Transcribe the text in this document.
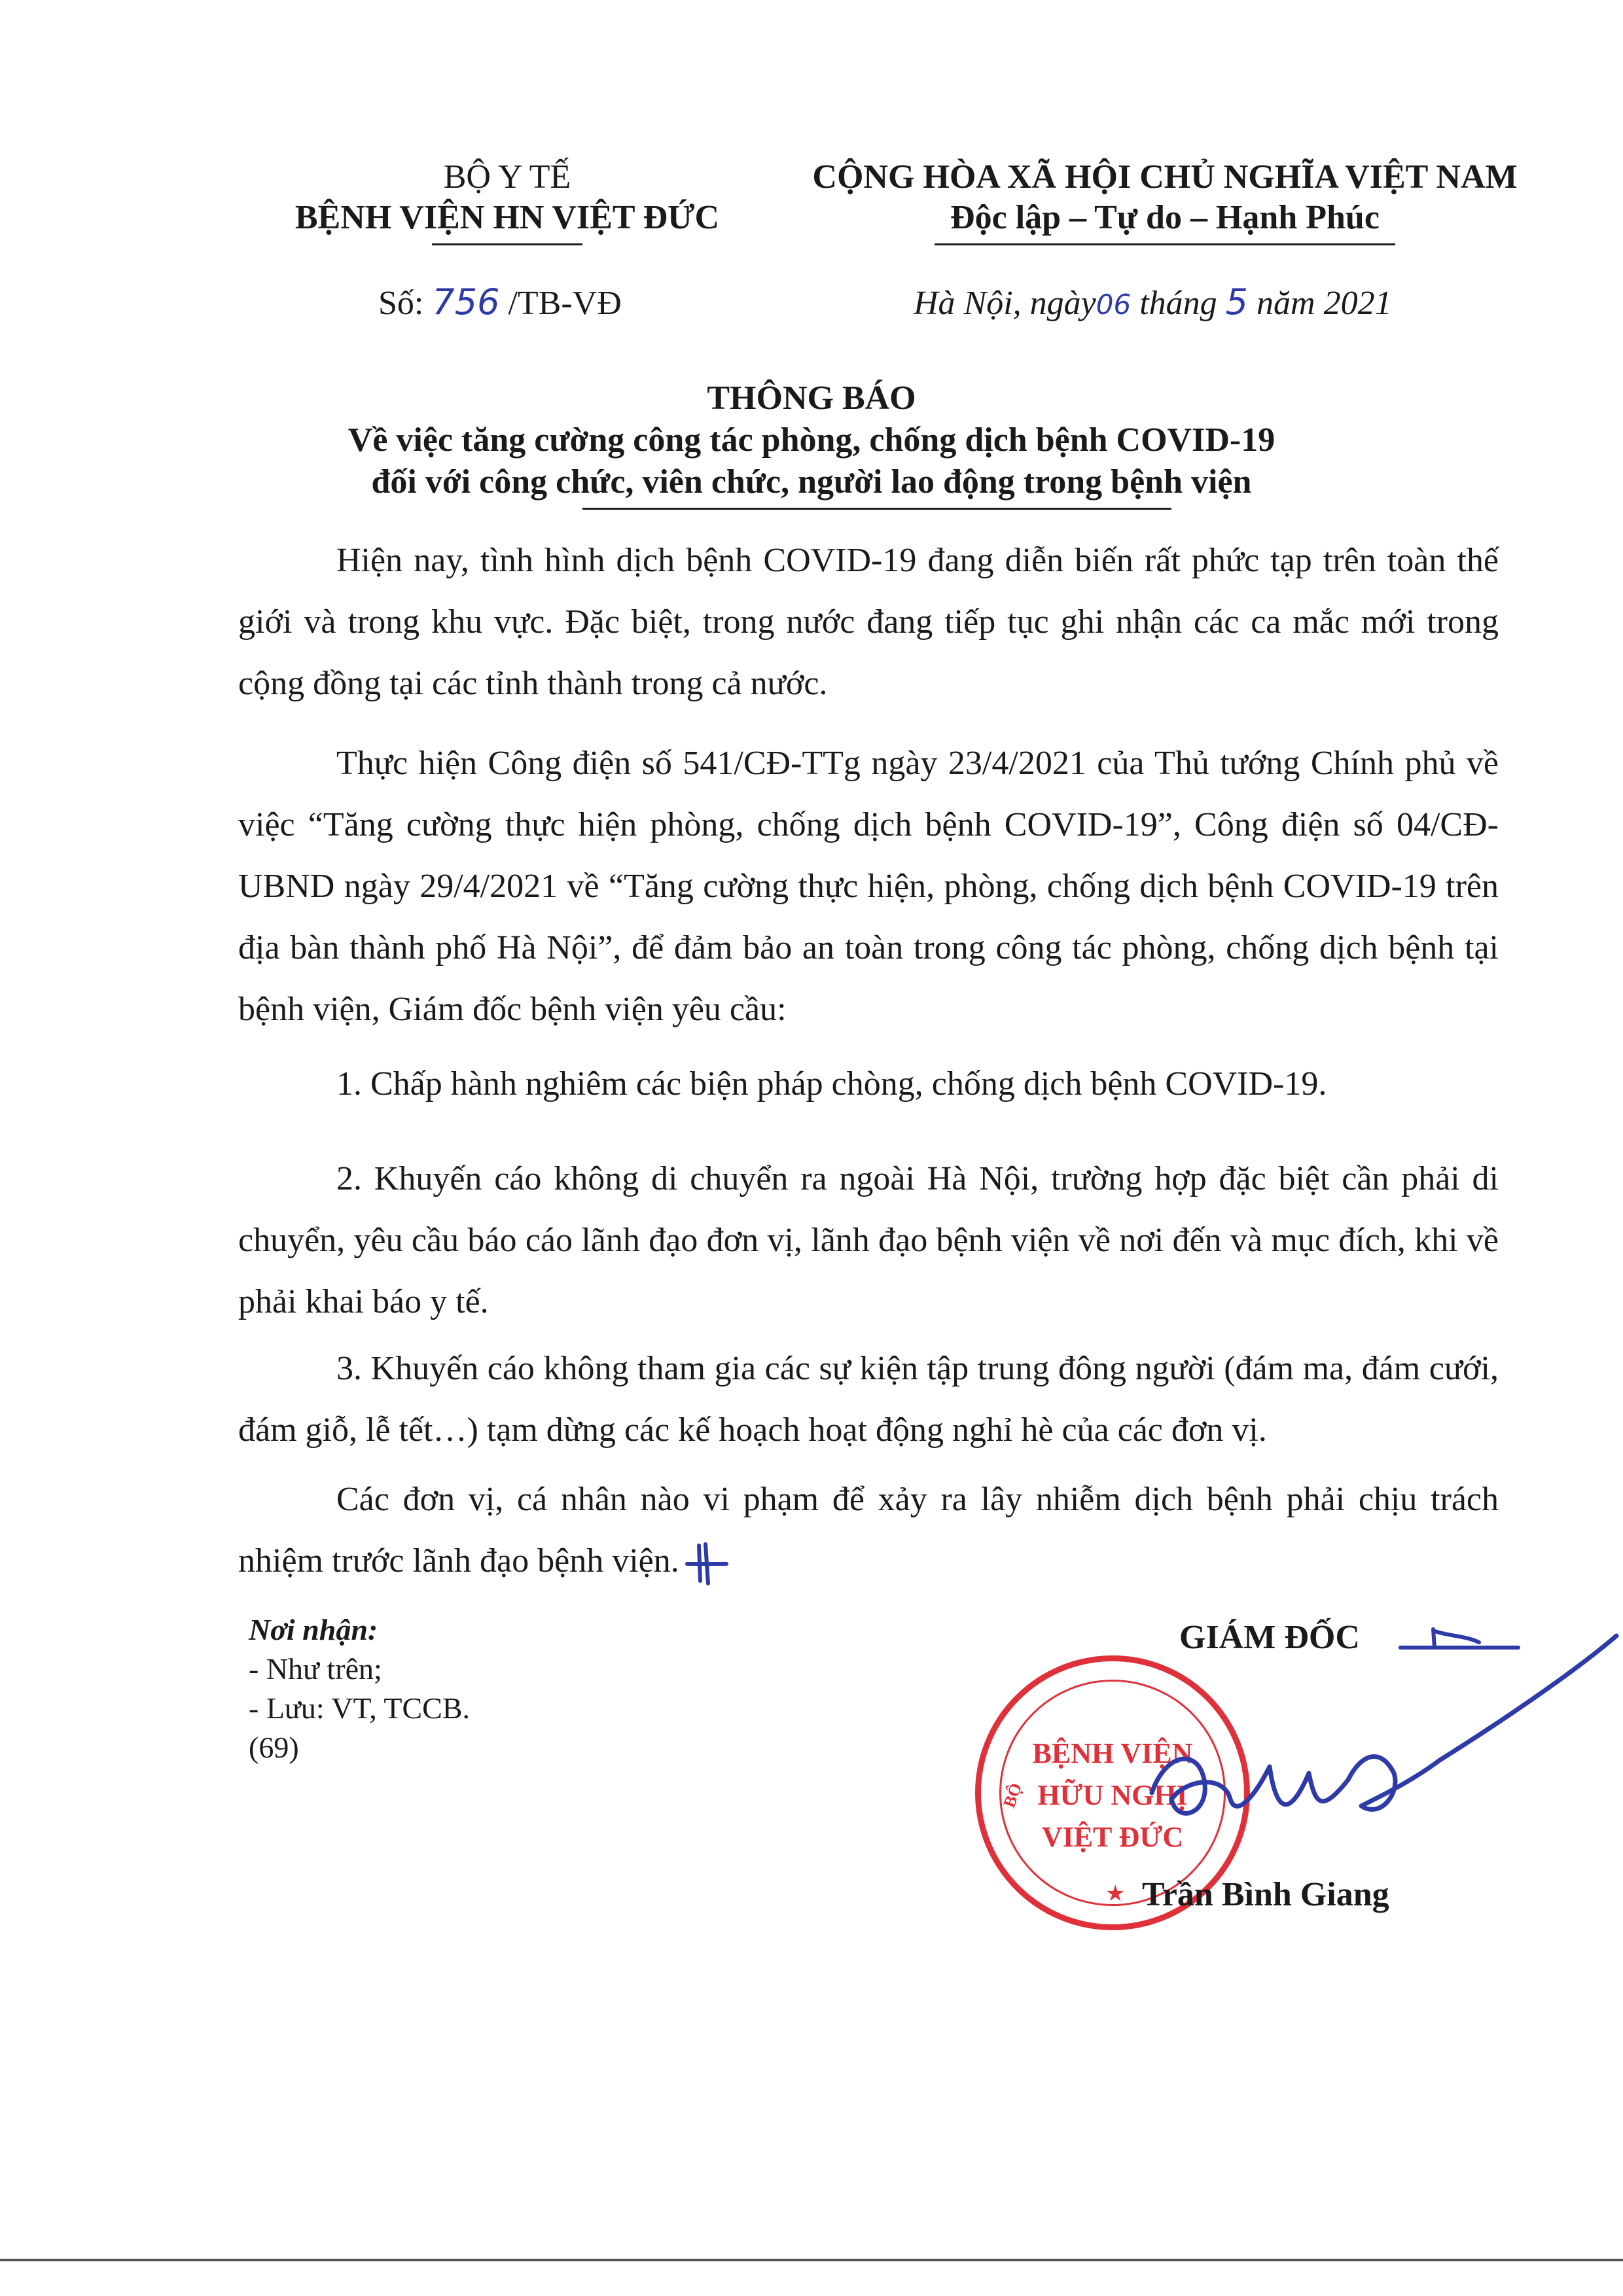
BỘ Y TẾ
BỆNH VIỆN HN VIỆT ĐỨC
Số: 756 /TB-VĐ
CỘNG HÒA XÃ HỘI CHỦ NGHĨA VIỆT NAM
Độc lập – Tự do – Hạnh Phúc
Hà Nội, ngày06 tháng 5 năm 2021
THÔNG BÁO
Về việc tăng cường công tác phòng, chống dịch bệnh COVID-19
đối với công chức, viên chức, người lao động trong bệnh viện
Hiện nay, tình hình dịch bệnh COVID-19 đang diễn biến rất phức tạp trên toàn thế giới và trong khu vực. Đặc biệt, trong nước đang tiếp tục ghi nhận các ca mắc mới trong cộng đồng tại các tỉnh thành trong cả nước.
Thực hiện Công điện số 541/CĐ-TTg ngày 23/4/2021 của Thủ tướng Chính phủ về việc “Tăng cường thực hiện phòng, chống dịch bệnh COVID-19”, Công điện số 04/CĐ-UBND ngày 29/4/2021 về “Tăng cường thực hiện, phòng, chống dịch bệnh COVID-19 trên địa bàn thành phố Hà Nội”, để đảm bảo an toàn trong công tác phòng, chống dịch bệnh tại bệnh viện, Giám đốc bệnh viện yêu cầu:
1. Chấp hành nghiêm các biện pháp chòng, chống dịch bệnh COVID-19.
2. Khuyến cáo không di chuyển ra ngoài Hà Nội, trường hợp đặc biệt cần phải di chuyển, yêu cầu báo cáo lãnh đạo đơn vị, lãnh đạo bệnh viện về nơi đến và mục đích, khi về phải khai báo y tế.
3. Khuyến cáo không tham gia các sự kiện tập trung đông người (đám ma, đám cưới, đám giỗ, lễ tết…) tạm dừng các kế hoạch hoạt động nghỉ hè của các đơn vị.
Các đơn vị, cá nhân nào vi phạm để xảy ra lây nhiễm dịch bệnh phải chịu trách nhiệm trước lãnh đạo bệnh viện.
Nơi nhận:
- Như trên;
- Lưu: VT, TCCB.
(69)
GIÁM ĐỐC
BỆNH VIỆN
HỮU NGHỊ
VIỆT ĐỨC
BỘ
★ Trần Bình Giang
